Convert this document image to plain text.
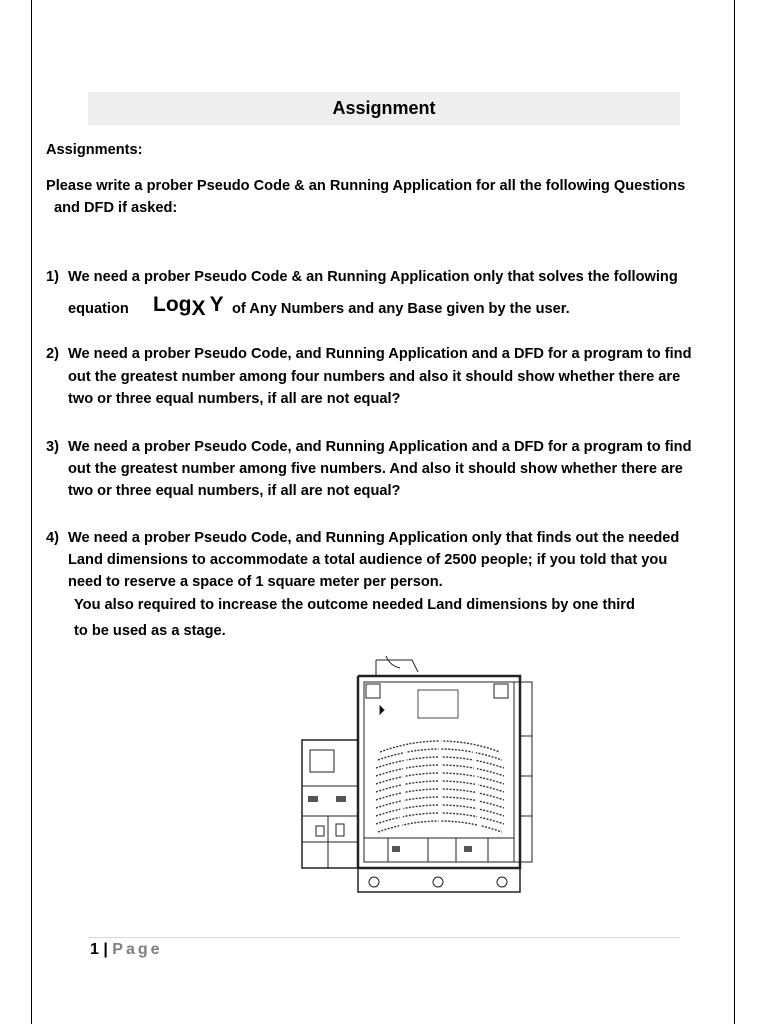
Assignment
Assignments:
Please write a prober Pseudo Code & an Running Application for all the following Questions
and DFD if asked:
1) We need a prober Pseudo Code & an Running Application only that solves the following
equation Log$_X$ Y of Any Numbers and any Base given by the user.
2) We need a prober Pseudo Code, and Running Application and a DFD for a program to find
out the greatest number among four numbers and also it should show whether there are
two or three equal numbers, if all are not equal?
3) We need a prober Pseudo Code, and Running Application and a DFD for a program to find
out the greatest number among five numbers. And also it should show whether there are
two or three equal numbers, if all are not equal?
4) We need a prober Pseudo Code, and Running Application only that finds out the needed
Land dimensions to accommodate a total audience of 2500 people; if you told that you
need to reserve a space of 1 square meter per person.
You also required to increase the outcome needed Land dimensions by one third
to be used as a stage.
1 | Page
